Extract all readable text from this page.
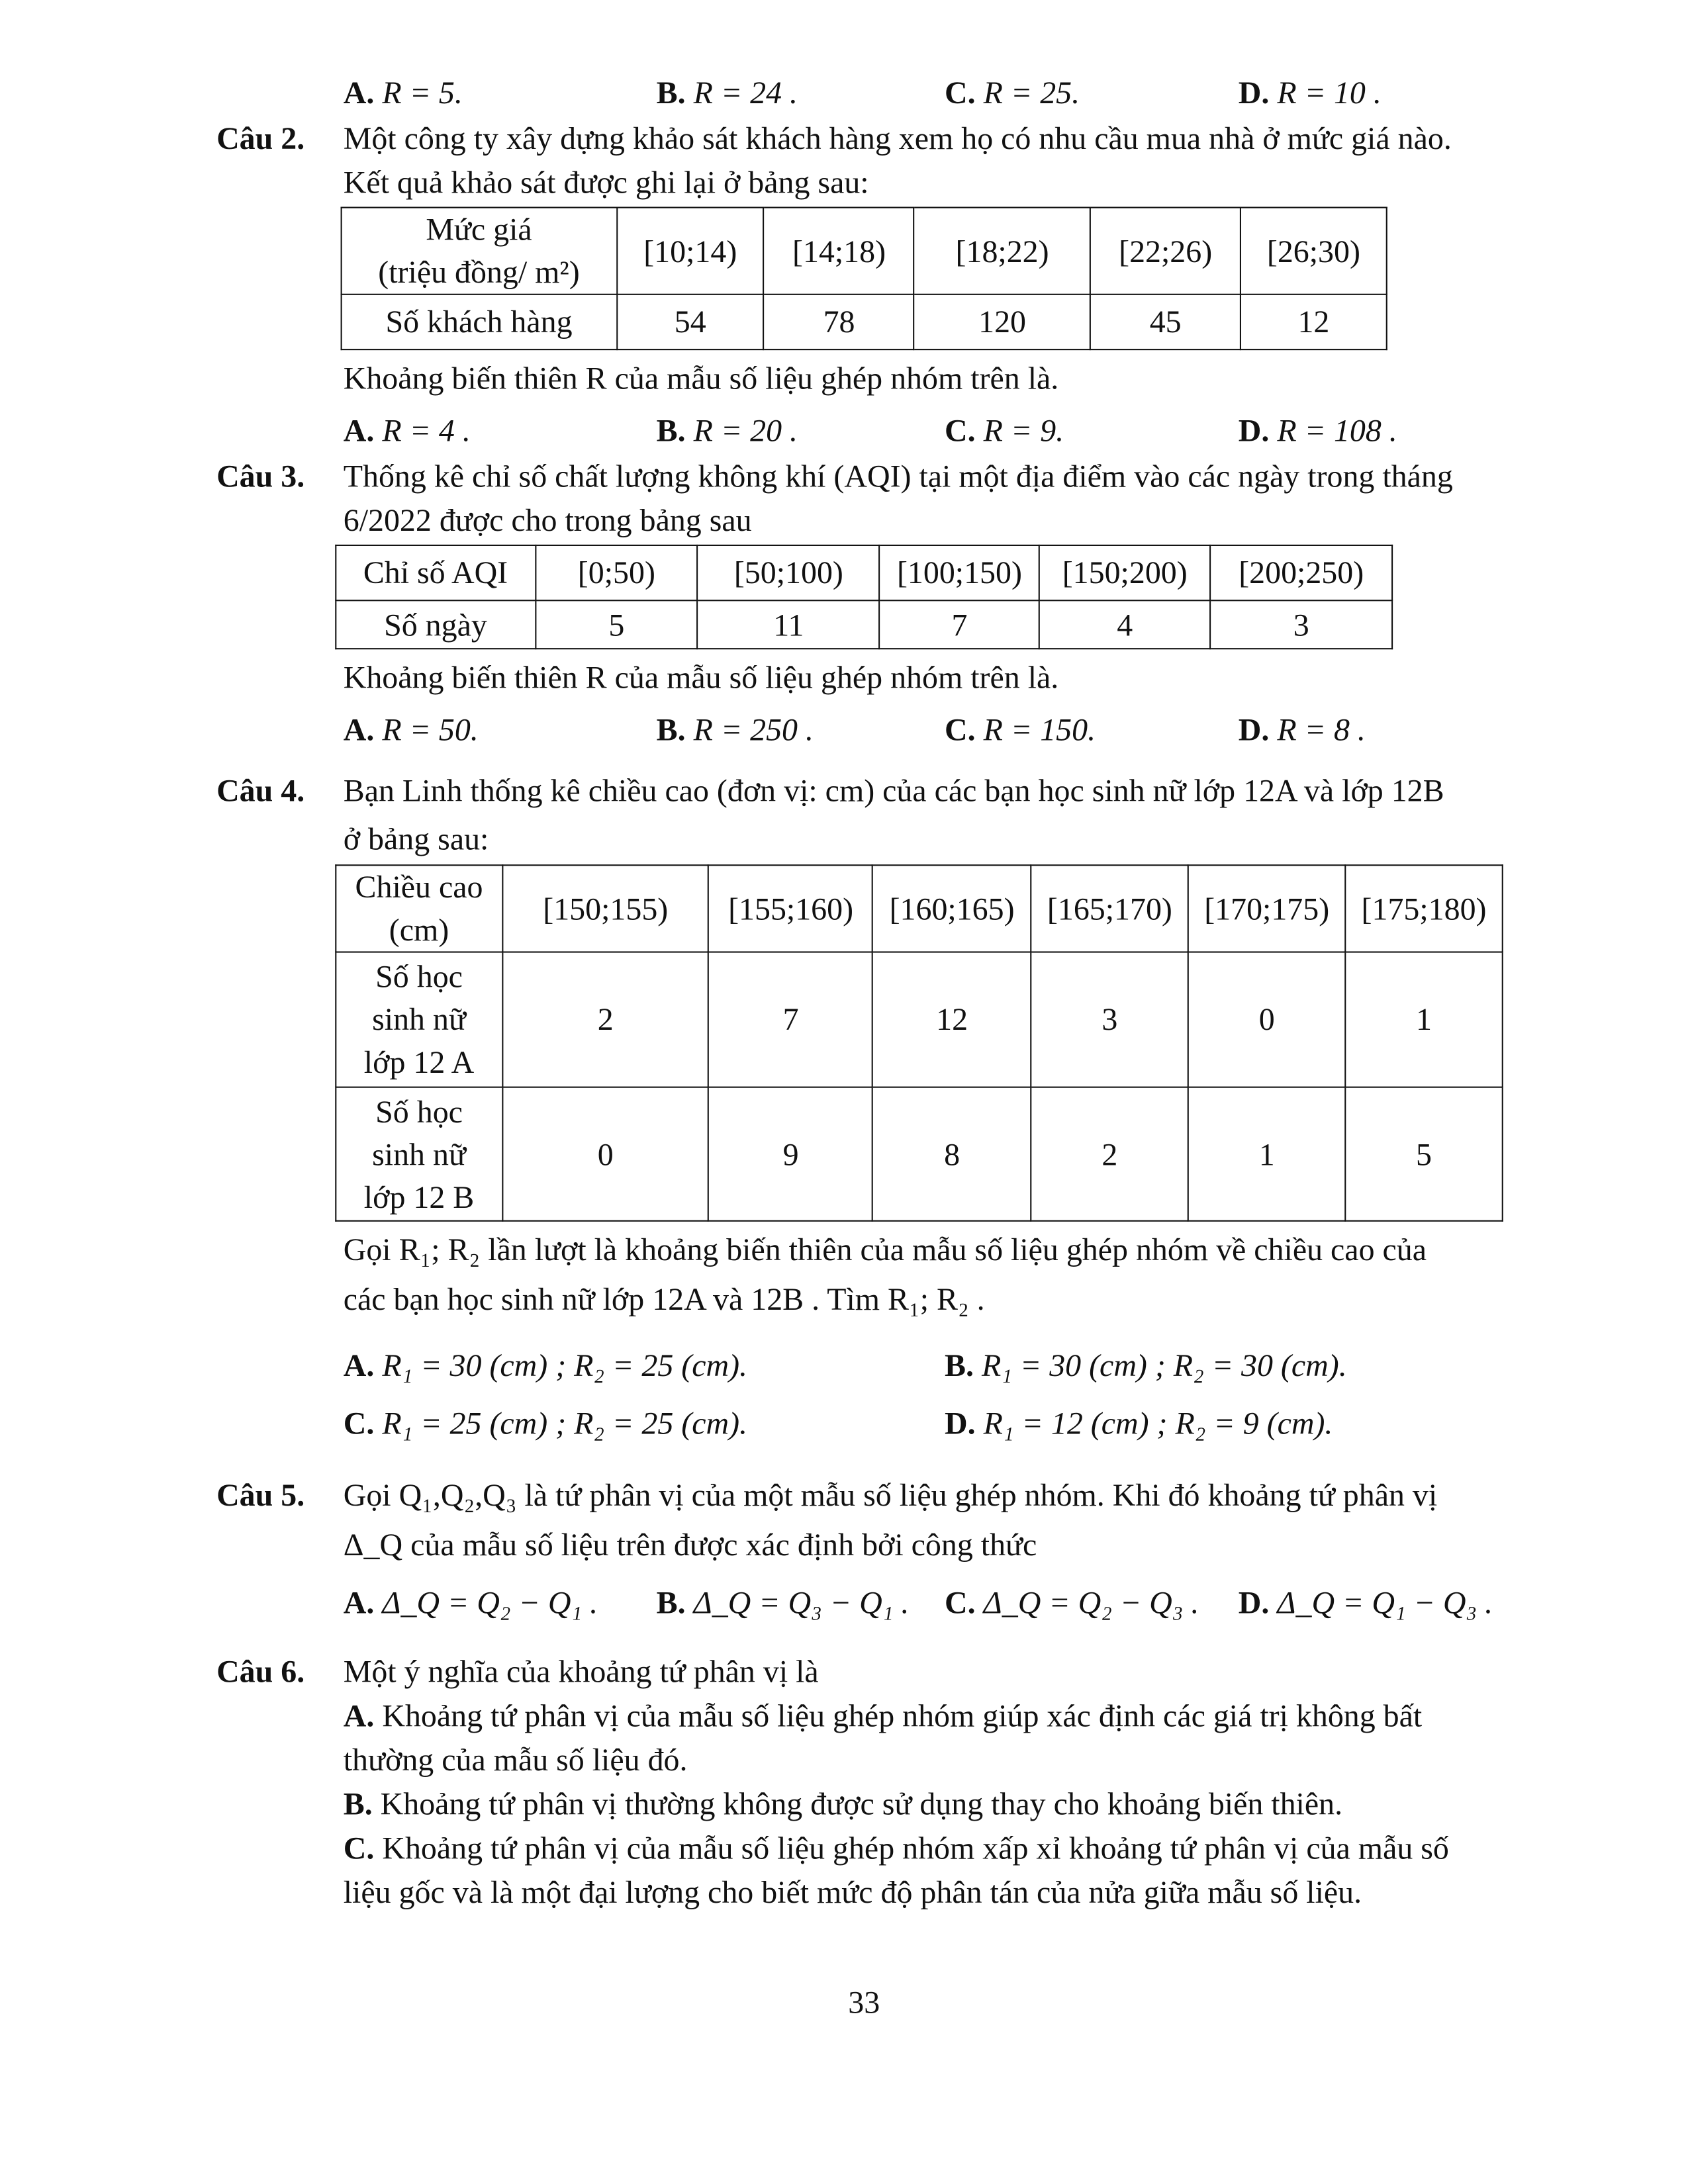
A. R = 5.	B. R = 24 .	C. R = 25.	D. R = 10 .
Câu 2.	Một công ty xây dựng khảo sát khách hàng xem họ có nhu cầu mua nhà ở mức giá nào.
Kết quả khảo sát được ghi lại ở bảng sau:
Mức giá
(triệu đồng/ m²)	[10;14)	[14;18)	[18;22)	[22;26)	[26;30)
Số khách hàng	54	78	120	45	12
Khoảng biến thiên R của mẫu số liệu ghép nhóm trên là.
A. R = 4 .	B. R = 20 .	C. R = 9.	D. R = 108 .
Câu 3.	Thống kê chỉ số chất lượng không khí (AQI) tại một địa điểm vào các ngày trong tháng
6/2022 được cho trong bảng sau
Chỉ số AQI	[0;50)	[50;100)	[100;150)	[150;200)	[200;250)
Số ngày	5	11	7	4	3
Khoảng biến thiên R của mẫu số liệu ghép nhóm trên là.
A. R = 50.	B. R = 250 .	C. R = 150.	D. R = 8 .
Câu 4.	Bạn Linh thống kê chiều cao (đơn vị: cm) của các bạn học sinh nữ lớp 12A và lớp 12B
ở bảng sau:
Chiều cao
(cm)	[150;155)	[155;160)	[160;165)	[165;170)	[170;175)	[175;180)

Số học
sinh nữ
lớp 12 A	2	7	12	3	0	1

Số học
sinh nữ
lớp 12 B	0	9	8	2	1	5
Gọi R₁; R₂ lần lượt là khoảng biến thiên của mẫu số liệu ghép nhóm về chiều cao của
các bạn học sinh nữ lớp 12A và 12B . Tìm R₁; R₂ .
A. R₁ = 30 (cm) ; R₂ = 25 (cm).	B. R₁ = 30 (cm) ; R₂ = 30 (cm).
C. R₁ = 25 (cm) ; R₂ = 25 (cm).	D. R₁ = 12 (cm) ; R₂ = 9 (cm).
Câu 5.	Gọi Q₁,Q₂,Q₃ là tứ phân vị của một mẫu số liệu ghép nhóm. Khi đó khoảng tứ phân vị
Δ_Q của mẫu số liệu trên được xác định bởi công thức
A. Δ_Q = Q₂ − Q₁ .	B. Δ_Q = Q₃ − Q₁ . C. Δ_Q = Q₂ − Q₃ .	D. Δ_Q = Q₁ − Q₃ .
Câu 6.	Một ý nghĩa của khoảng tứ phân vị là
A. Khoảng tứ phân vị của mẫu số liệu ghép nhóm giúp xác định các giá trị không bất
thường của mẫu số liệu đó.
B. Khoảng tứ phân vị thường không được sử dụng thay cho khoảng biến thiên.
C. Khoảng tứ phân vị của mẫu số liệu ghép nhóm xấp xỉ khoảng tứ phân vị của mẫu số
liệu gốc và là một đại lượng cho biết mức độ phân tán của nửa giữa mẫu số liệu.
33
